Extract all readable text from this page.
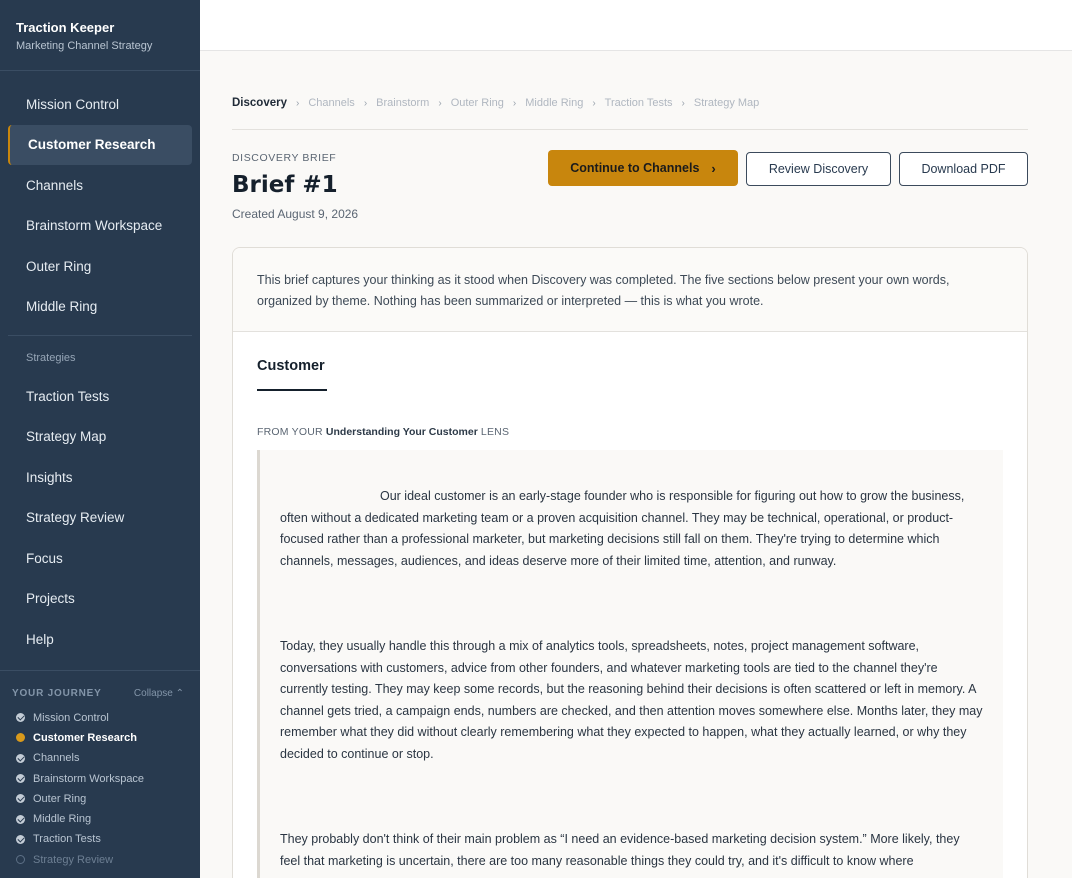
Traction Keeper
Marketing Channel Strategy
Mission Control
Customer Research
Channels
Brainstorm Workspace
Outer Ring
Middle Ring
Strategies
Traction Tests
Strategy Map
Insights
Strategy Review
Focus
Projects
Help
YOUR JOURNEY	Collapse ⌃
Mission Control
Customer Research
Channels
Brainstorm Workspace
Outer Ring
Middle Ring
Traction Tests
Strategy Review
Discovery › Channels › Brainstorm › Outer Ring › Middle Ring › Traction Tests › Strategy Map
DISCOVERY BRIEF
Brief #1
Created August 9, 2026
Continue to Channels ›	Review Discovery	Download PDF
This brief captures your thinking as it stood when Discovery was completed. The five sections below present your own words, organized by theme. Nothing has been summarized or interpreted — this is what you wrote.
Customer
FROM YOUR Understanding Your Customer LENS

Our ideal customer is an early-stage founder who is responsible for figuring out how to grow the business, often without a dedicated marketing team or a proven acquisition channel. They may be technical, operational, or product-focused rather than a professional marketer, but marketing decisions still fall on them. They're trying to determine which channels, messages, audiences, and ideas deserve more of their limited time, attention, and runway.

Today, they usually handle this through a mix of analytics tools, spreadsheets, notes, project management software, conversations with customers, advice from other founders, and whatever marketing tools are tied to the channel they're currently testing. They may keep some records, but the reasoning behind their decisions is often scattered or left in memory. A channel gets tried, a campaign ends, numbers are checked, and then attention moves somewhere else. Months later, they may remember what they did without clearly remembering what they expected to happen, what they actually learned, or why they decided to continue or stop.

They probably don't think of their main problem as “I need an evidence-based marketing decision system.” More likely, they feel that marketing is uncertain, there are too many reasonable things they could try, and it's difficult to know where
